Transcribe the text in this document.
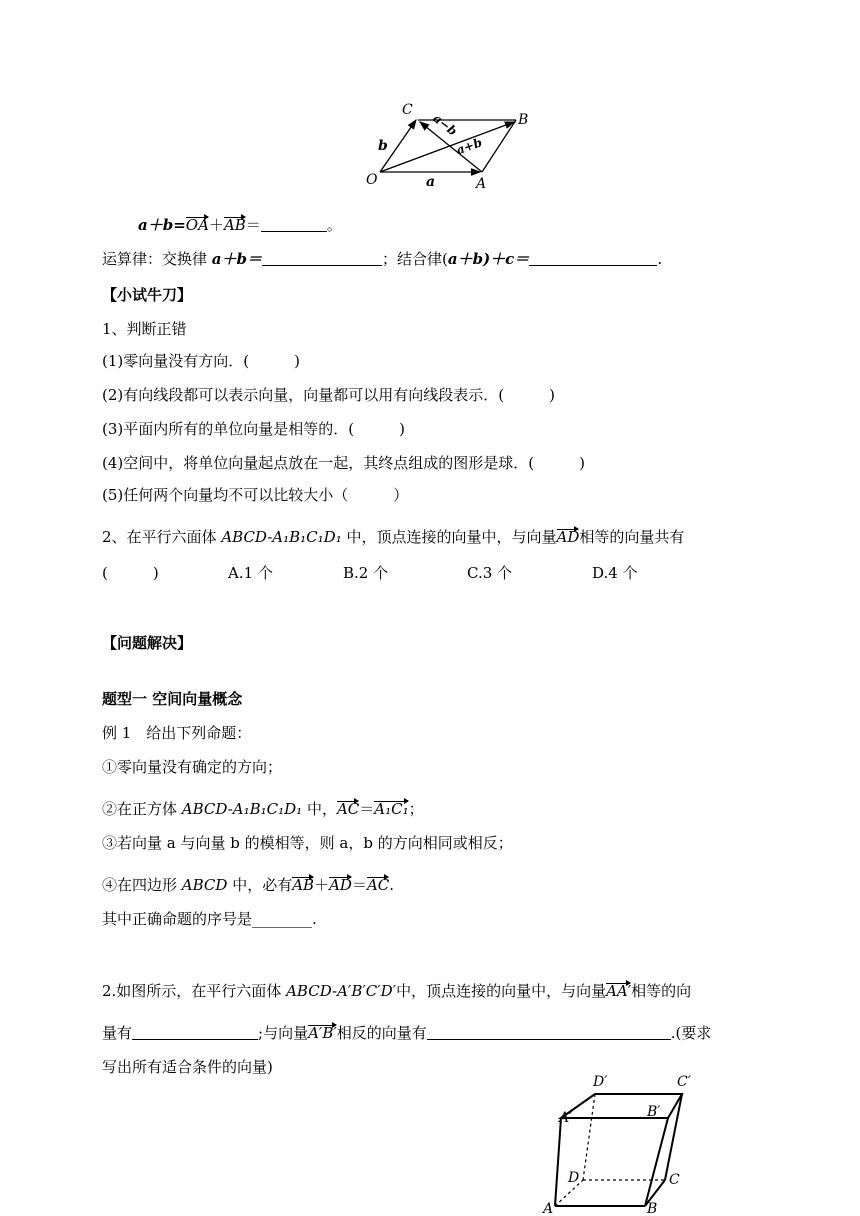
C
B
O	A
b
a
a−b
a+b
a＋b=OA＋AB＝	。
运算律：交换律 a＋b＝	；结合律(a＋b)＋c＝	.
【小试牛刀】
1、判断正错
(1)零向量没有方向．(　　　)
(2)有向线段都可以表示向量，向量都可以用有向线段表示．(　　　)
(3)平面内所有的单位向量是相等的．(　　　)
(4)空间中，将单位向量起点放在一起，其终点组成的图形是球．(　　　)
(5)任何两个向量均不可以比较大小（　　　）
2、在平行六面体 ABCD-A₁B₁C₁D₁ 中，顶点连接的向量中，与向量AD相等的向量共有
(　　　)	A.1 个	B.2 个	C.3 个	D.4 个
【问题解决】
题型一 空间向量概念
例 1　给出下列命题：
①零向量没有确定的方向；
②在正方体 ABCD-A₁B₁C₁D₁ 中，AC＝A₁C₁；
③若向量 a 与向量 b 的模相等，则 a，b 的方向相同或相反；
④在四边形 ABCD 中，必有AB＋AD＝AC.
其中正确命题的序号是________.
2.如图所示，在平行六面体 ABCD-A′B′C′D′中，顶点连接的向量中，与向量AA′相等的向
量有	;与向量A′B′相反的向量有	.(要求
写出所有适合条件的向量)
D′	C′
A′	B′
D	C
A	B
